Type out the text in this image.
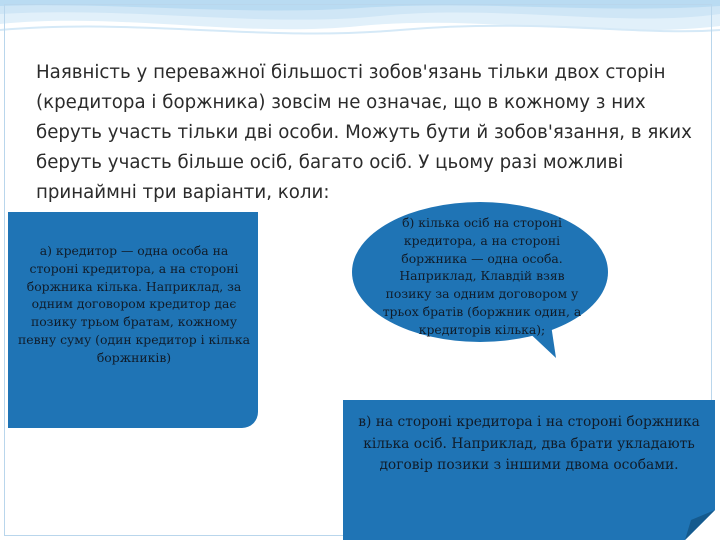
Наявність у переважної більшості зобов'язань тільки двох сторін (кредитора і боржника) зовсім не означає, що в кожному з них беруть участь тільки дві особи. Можуть бути й зобов'язання, в яких беруть участь більше осіб, багато осіб. У цьому разі можливі принаймні три варіанти, коли:

а) кредитор — одна особа на стороні кредитора, а на стороні боржника кілька. Наприклад, за одним договором кредитор дає позику трьом братам, кожному певну суму (один кредитор і кілька боржників)

б) кілька осіб на стороні кредитора, а на стороні боржника — одна особа. Наприклад, Клавдій взяв позику за одним договором у трьох братів (боржник один, а кредиторів кілька);

в) на стороні кредитора і на стороні боржника кілька осіб. Наприклад, два брати укладають договір позики з іншими двома особами.
